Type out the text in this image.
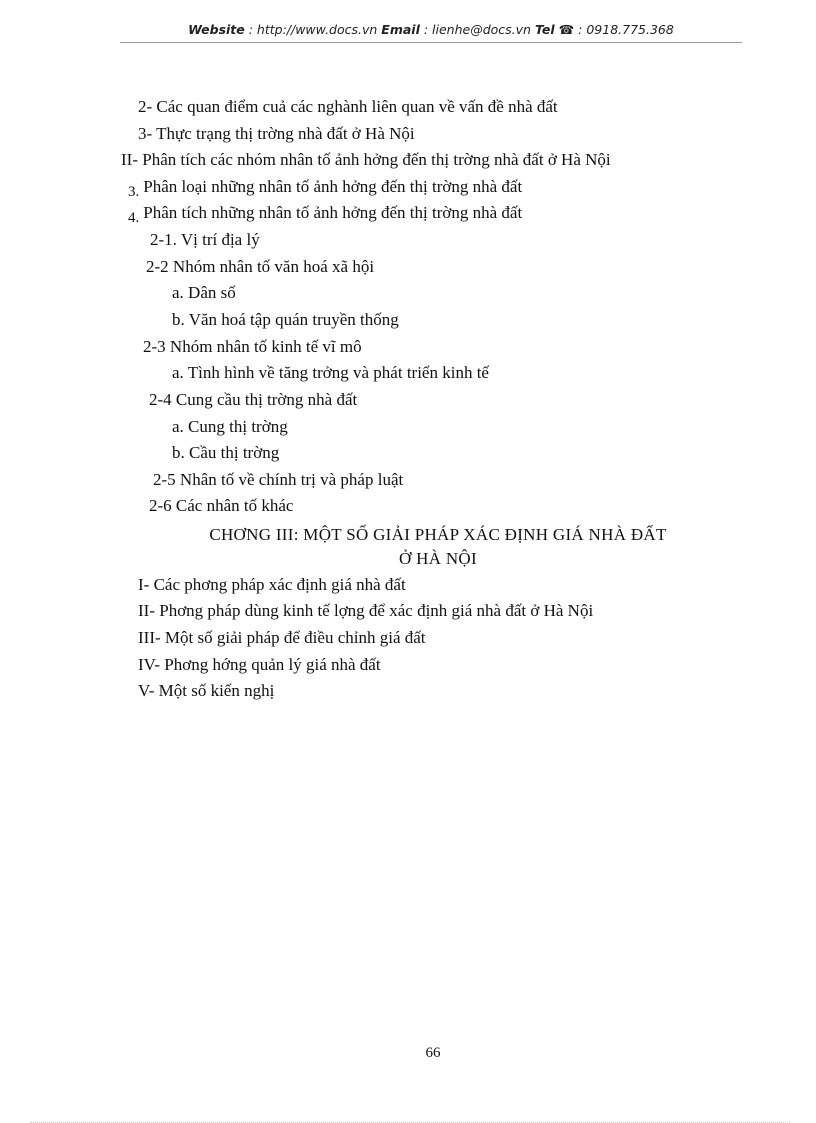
Website : http://www.docs.vn Email : lienhe@docs.vn Tel ☎ : 0918.775.368
2- Các quan điểm cuả các nghành liên quan về vấn đề nhà đất
3- Thực trạng thị trờng nhà đất ở Hà Nội
II- Phân tích các nhóm nhân tố ảnh hởng đến thị trờng nhà đất ở Hà Nội
3. Phân loại những nhân tố ảnh hởng đến thị trờng nhà đất
4. Phân tích những nhân tố ảnh hởng đến thị trờng nhà đất
2-1. Vị trí địa lý
2-2 Nhóm nhân tố văn hoá xã hội
a. Dân số
b. Văn hoá tập quán truyền thống
2-3 Nhóm nhân tố kinh tế vĩ mô
a. Tình hình về tăng trởng và phát triển kinh tế
2-4 Cung cầu thị trờng nhà đất
a. Cung thị trờng
b. Cầu thị trờng
2-5 Nhân tố về chính trị và pháp luật
2-6 Các nhân tố khác
CHƠNG III: MỘT SỐ GIẢI PHÁP XÁC ĐỊNH GIÁ NHÀ ĐẤT
Ở HÀ NỘI
I- Các phơng pháp xác định giá nhà đất
II- Phơng pháp dùng kinh tế lợng để xác định giá nhà đất ở Hà Nội
III- Một số giải pháp để điều chỉnh giá đất
IV- Phơng hớng quản lý giá nhà đất
V- Một số kiến nghị
66
